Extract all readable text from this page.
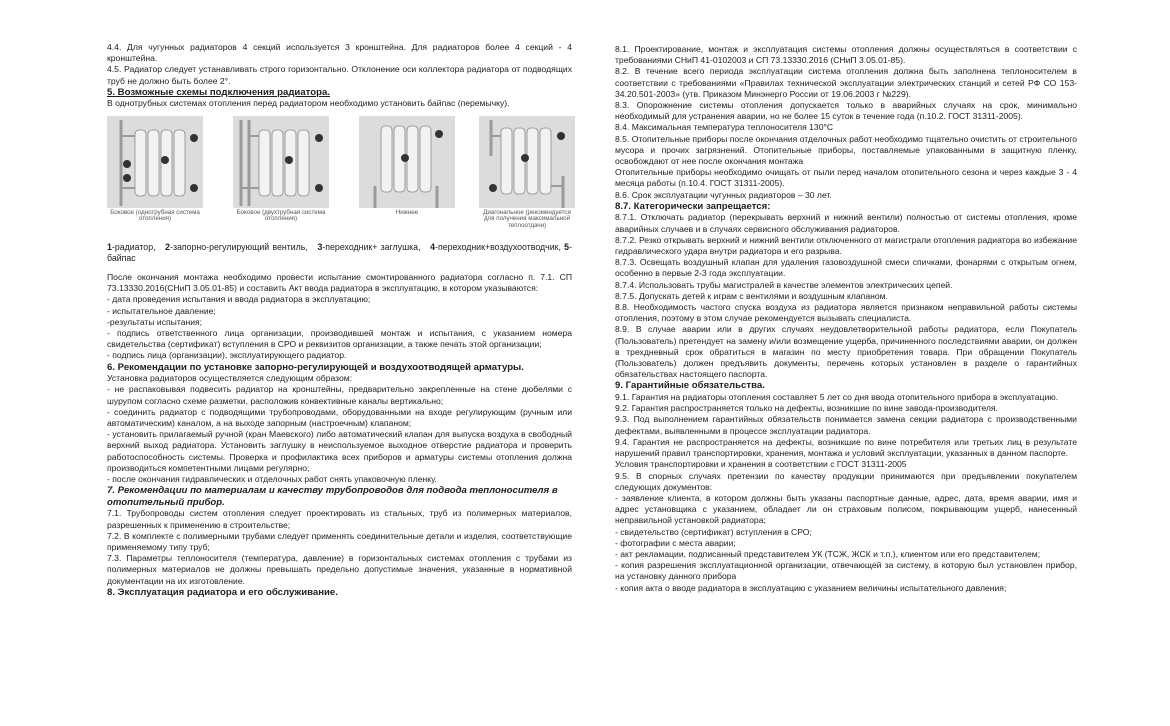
4.4. Для чугунных радиаторов 4 секций используется 3 кронштейна. Для радиаторов более 4 секций - 4 кронштейна.

4.5. Радиатор следует устанавливать строго горизонтально. Отклонение оси коллектора радиатора от подводящих труб не должно быть более 2°.

5. Возможные схемы подключения радиатора.

В однотрубных системах отопления перед радиатором необходимо установить байпас (перемычку).

Боковое (однотрубная система отопления)
Боковое (двухтрубная система отопления)
Нижнее	Диагональное (рекомендуется для получения максимальной теплоотдачи)
1-радиатор, 2-запорно-регулирующий вентиль, 3-переходник+ заглушка, 4-переходник+воздухоотводчик, 5-байпас

После окончания монтажа необходимо провести испытание смонтированного радиатора согласно п. 7.1. СП 73.13330.2016(СНиП 3.05.01-85) и составить Акт ввода радиатора в эксплуатацию, в котором указываются:

- дата проведения испытания и ввода радиатора в эксплуатацию;

- испытательное давление;

-результаты испытания;

- подпись ответственного лица организации, производившей монтаж и испытания, с указанием номера свидетельства (сертификат) вступления в СРО и реквизитов организации, а также печать этой организации;

- подпись лица (организации), эксплуатирующего радиатор.

6. Рекомендации по установке запорно-регулирующей и воздухоотводящей арматуры.

Установка радиаторов осуществляется следующим образом:

- не распаковывая подвесить радиатор на кронштейны, предварительно закрепленные на стене дюбелями с шурупом согласно схеме разметки, расположив конвективные каналы вертикально;

- соединить радиатор с подводящими трубопроводами, оборудованными на входе регулирующим (ручным или автоматическим) каналом, а на выходе запорным (настроечным) клапаном;

- установить прилагаемый ручной (кран Маевского) либо автоматический клапан для выпуска воздуха в свободный верхний выход радиатора. Установить заглушку в неиспользуемое выходное отверстие радиатора и проверить работоспособность системы. Проверка и профилактика всех приборов и арматуры системы отопления должна производиться компетентными лицами регулярно;

- после окончания гидравлических и отделочных работ снять упаковочную пленку.

7. Рекомендации по материалам и качеству трубопроводов для подвода теплоносителя в отопительный прибор.

7.1. Трубопроводы систем отопления следует проектировать из стальных, труб из полимерных материалов, разрешенных к применению в строительстве;

7.2. В комплекте с полимерными трубами следует применять соединительные детали и изделия, соответствующие применяемому типу труб;

7.3. Параметры теплоносителя (температура, давление) в горизонтальных системах отопления с трубами из полимерных материалов не должны превышать предельно допустимые значения, указанные в нормативной документации на их изготовление.

8. Эксплуатация радиатора и его обслуживание.

8.1. Проектирование, монтаж и эксплуатация системы отопления должны осуществляться в соответствии с требованиями СНиП 41-0102003 и СП 73.13330.2016 (СНиП 3.05.01-85).

8.2. В течение всего периода эксплуатации система отопления должна быть заполнена теплоносителем в соответствии с требованиями «Правилах технической эксплуатации электрических станций и сетей РФ СО 153-34.20.501-2003» (утв. Приказом Минэнерго России от 19.06.2003 г №229).

8.3. Опорожнение системы отопления допускается только в аварийных случаях на срок, минимально необходимый для устранения аварии, но не более 15 суток в течение года (п.10.2. ГОСТ 31311-2005).

8.4. Максимальная температура теплоносителя 130°С

8.5. Отопительные приборы после окончания отделочных работ необходимо тщательно очистить от строительного мусора и прочих загрязнений. Отопительные приборы, поставляемые упакованными в защитную пленку, освобождают от нее после окончания монтажа

Отопительные приборы необходимо очищать от пыли перед началом отопительного сезона и через каждые 3 - 4 месяца работы (п.10.4. ГОСТ 31311-2005).

8.6. Срок эксплуатации чугунных радиаторов – 30 лет.

8.7. Категорически запрещается:

8.7.1. Отключать радиатор (перекрывать верхний и нижний вентили) полностью от системы отопления, кроме аварийных случаев и в случаях сервисного обслуживания радиаторов.

8.7.2. Резко открывать верхний и нижний вентили отключенного от магистрали отопления радиатора во избежание гидравлического удара внутри радиатора и его разрыва.

8.7.3. Освещать воздушный клапан для удаления газовоздушной смеси спичками, фонарями с открытым огнем, особенно в первые 2-3 года эксплуатации.

8.7.4. Использовать трубы магистралей в качестве элементов электрических цепей.

8.7.5. Допускать детей к играм с вентилями и воздушным клапаном.

8.8. Необходимость частого спуска воздуха из радиатора является признаком неправильной работы системы отопления, поэтому в этом случае рекомендуется вызывать специалиста.

8.9. В случае аварии или в других случаях неудовлетворительной работы радиатора, если Покупатель (Пользователь) претендует на замену и/или возмещение ущерба, причиненного последствиями аварии, он должен в трехдневный срок обратиться в магазин по месту приобретения товара. При обращении Покупатель (Пользователь) должен предъявить документы, перечень которых установлен в разделе о гарантийных обязательствах настоящего паспорта.

9. Гарантийные обязательства.

9.1. Гарантия на радиаторы отопления составляет 5 лет со дня ввода отопительного прибора в эксплуатацию.

9.2. Гарантия распространяется только на дефекты, возникшие по вине завода-производителя.

9.3. Под выполнением гарантийных обязательств понимается замена секции радиатора с производственными дефектами, выявленными в процессе эксплуатации радиатора.

9.4. Гарантия не распространяется на дефекты, возникшие по вине потребителя или третьих лиц в результате нарушений правил транспортировки, хранения, монтажа и условий эксплуатации, указанных в данном паспорте.

Условия транспортировки и хранения в соответствии с ГОСТ 31311-2005

9.5. В спорных случаях претензии по качеству продукции принимаются при предъявлении покупателем следующих документов:

- заявление клиента, в котором должны быть указаны паспортные данные, адрес, дата, время аварии, имя и адрес установщика с указанием, обладает ли он страховым полисом, покрывающим ущерб, нанесенный неправильной установкой радиатора;

- свидетельство (сертификат) вступления в СРО;

- фотографии с места аварии;

- акт рекламации, подписанный представителем УК (ТСЖ, ЖСК и т.п.), клиентом или его представителем;

- копия разрешения эксплуатационной организации, отвечающей за систему, в которую был установлен прибор, на установку данного прибора

- копия акта о вводе радиатора в эксплуатацию с указанием величины испытательного давления;
